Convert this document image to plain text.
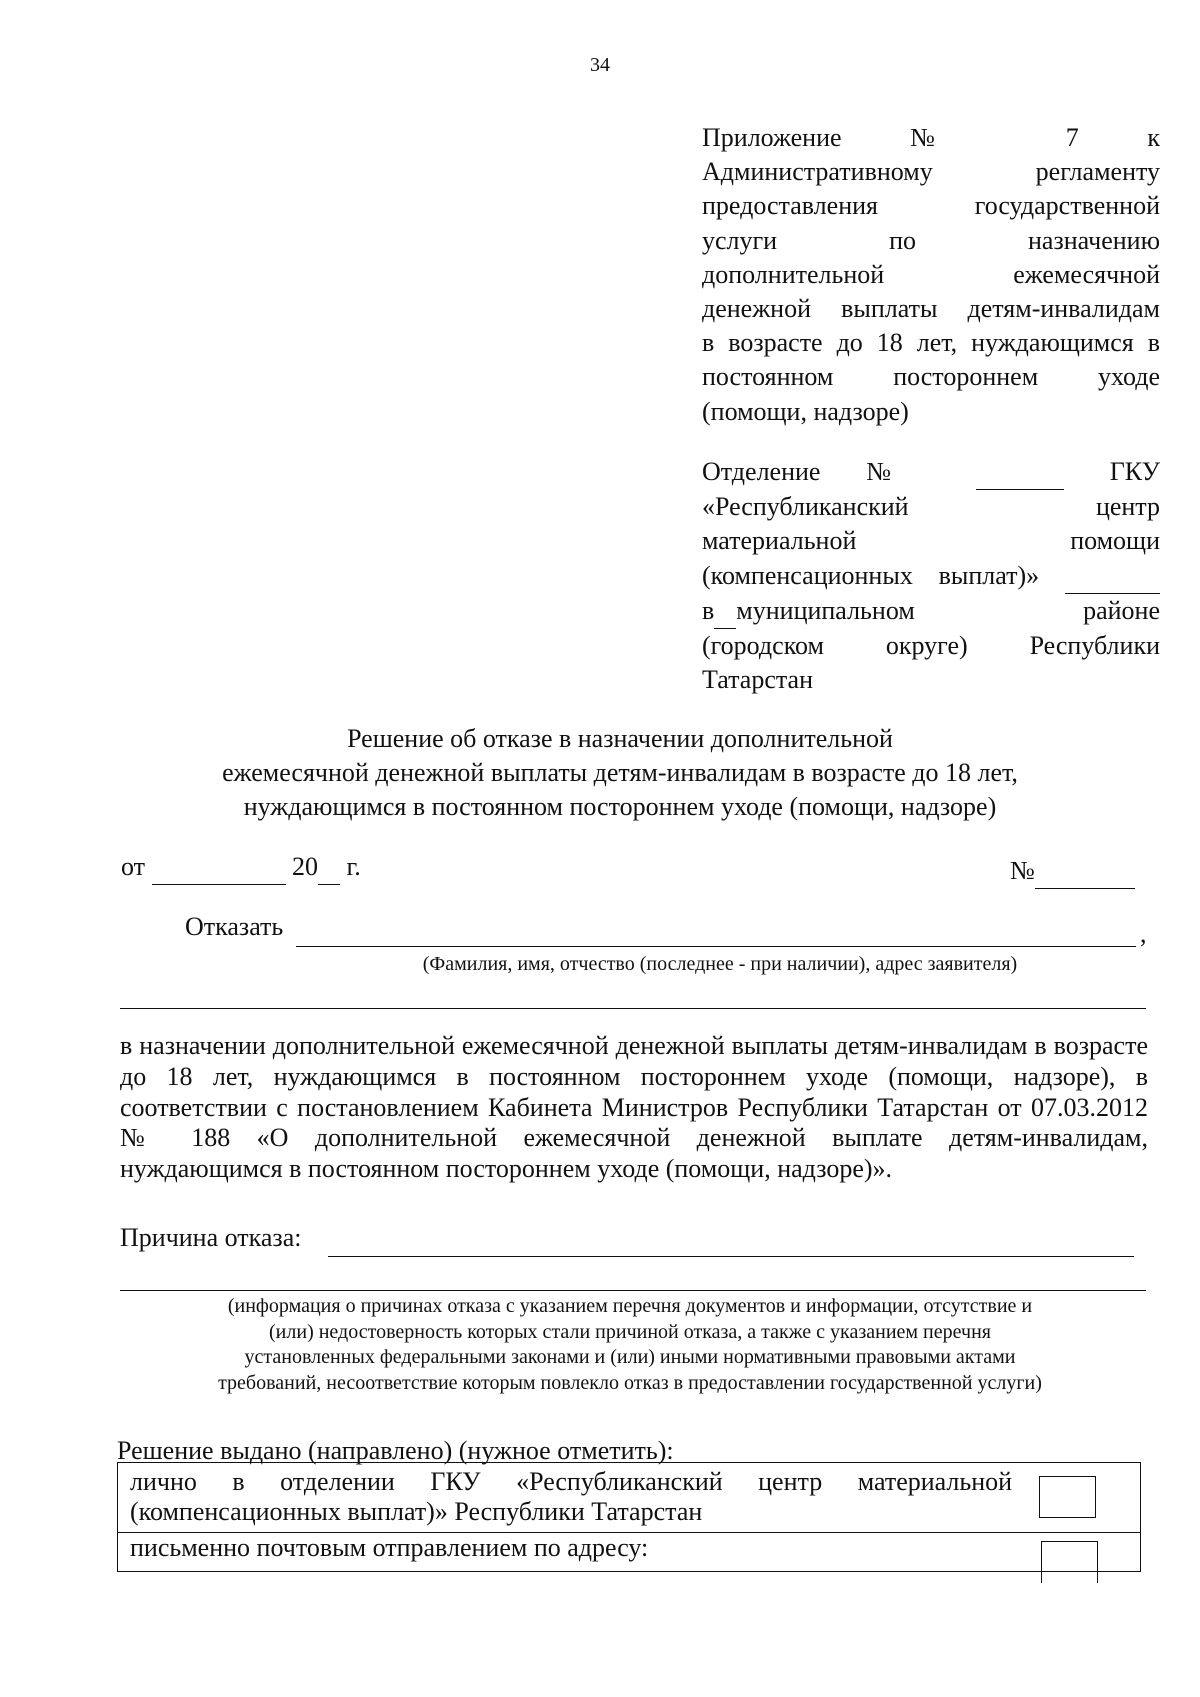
34
Приложение	№	7	к
Административному	регламенту
предоставления	государственной
услуги	по	назначению
дополнительной	ежемесячной
денежной выплаты детям-инвалидам
в возрасте до 18 лет, нуждающимся в
постоянном постороннем уходе
(помощи, надзоре)
Отделение №	ГКУ
«Республиканский	центр
материальной	помощи
(компенсационных выплат)»
в муниципальном	районе
(городском округе) Республики
Татарстан
Решение об отказе в назначении дополнительной
ежемесячной денежной выплаты детям-инвалидам в возрасте до 18 лет,
нуждающимся в постоянном постороннем уходе (помощи, надзоре)
от	20 г.	№
Отказать	,
(Фамилия, имя, отчество (последнее - при наличии), адрес заявителя)
в назначении дополнительной ежемесячной денежной выплаты детям-инвалидам в возрасте до 18 лет, нуждающимся в постоянном постороннем уходе (помощи, надзоре), в соответствии с постановлением Кабинета Министров Республики Татарстан от 07.03.2012 № 188 «О дополнительной ежемесячной денежной выплате детям-инвалидам, нуждающимся в постоянном постороннем уходе (помощи, надзоре)».
Причина отказа:
(информация о причинах отказа с указанием перечня документов и информации, отсутствие и
(или) недостоверность которых стали причиной отказа, а также с указанием перечня
установленных федеральными законами и (или) иными нормативными правовыми актами
требований, несоответствие которым повлекло отказ в предоставлении государственной услуги)
Решение выдано (направлено) (нужное отметить):
лично в отделении ГКУ «Республиканский центр материальной
(компенсационных выплат)» Республики Татарстан
письменно почтовым отправлением по адресу:
